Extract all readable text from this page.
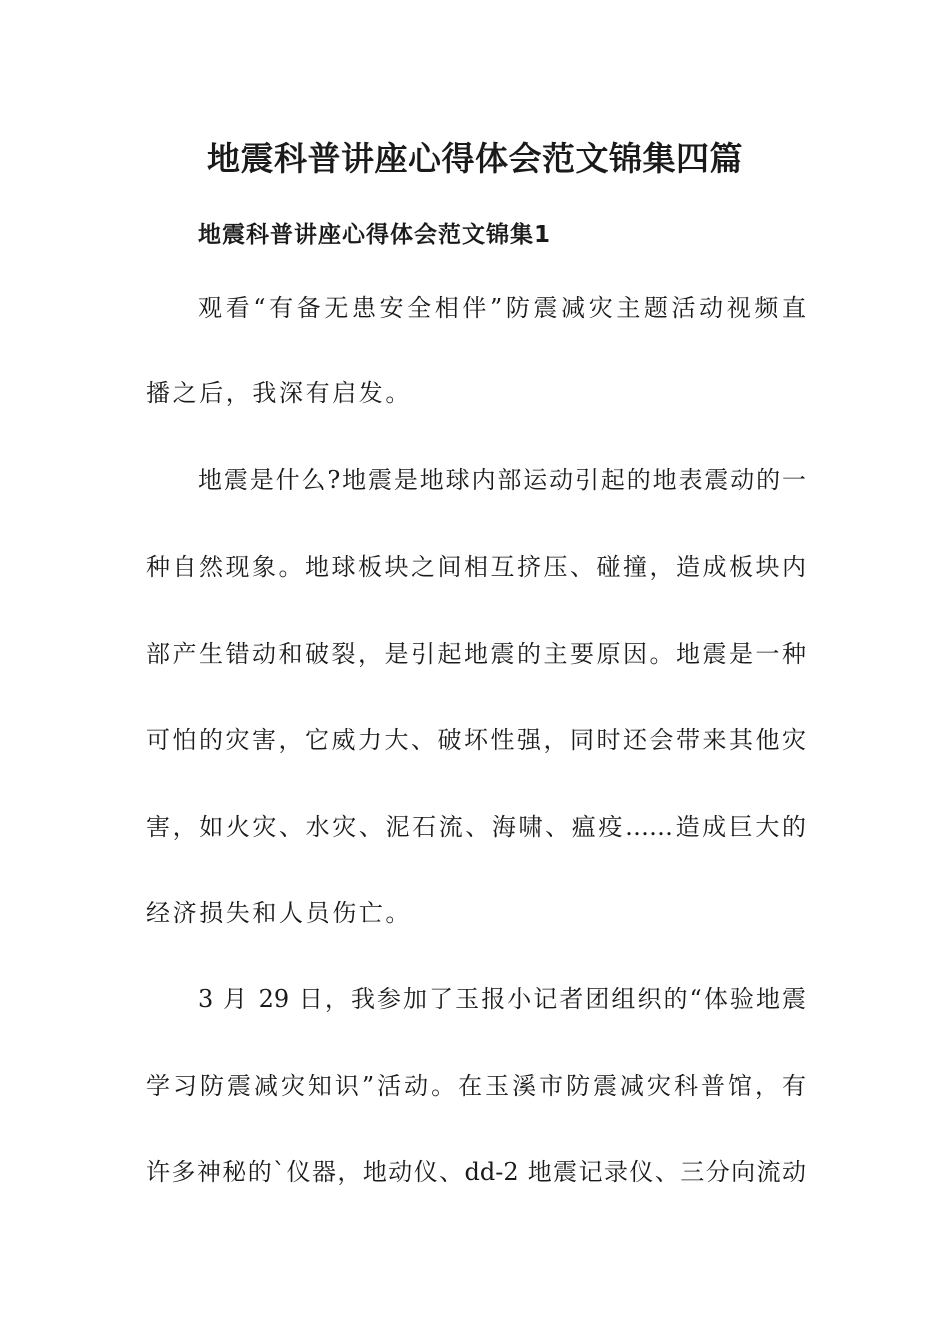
地震科普讲座心得体会范文锦集四篇
地震科普讲座心得体会范文锦集1

观看“有备无患安全相伴”防震减灾主题活动视频直

播之后，我深有启发。

地震是什么?地震是地球内部运动引起的地表震动的一

种自然现象。地球板块之间相互挤压、碰撞，造成板块内

部产生错动和破裂，是引起地震的主要原因。地震是一种

可怕的灾害，它威力大、破坏性强，同时还会带来其他灾

害，如火灾、水灾、泥石流、海啸、瘟疫……造成巨大的

经济损失和人员伤亡。

3 月 29 日，我参加了玉报小记者团组织的“体验地震

学习防震减灾知识”活动。在玉溪市防震减灾科普馆，有

许多神秘的`仪器，地动仪、dd-2 地震记录仪、三分向流动
